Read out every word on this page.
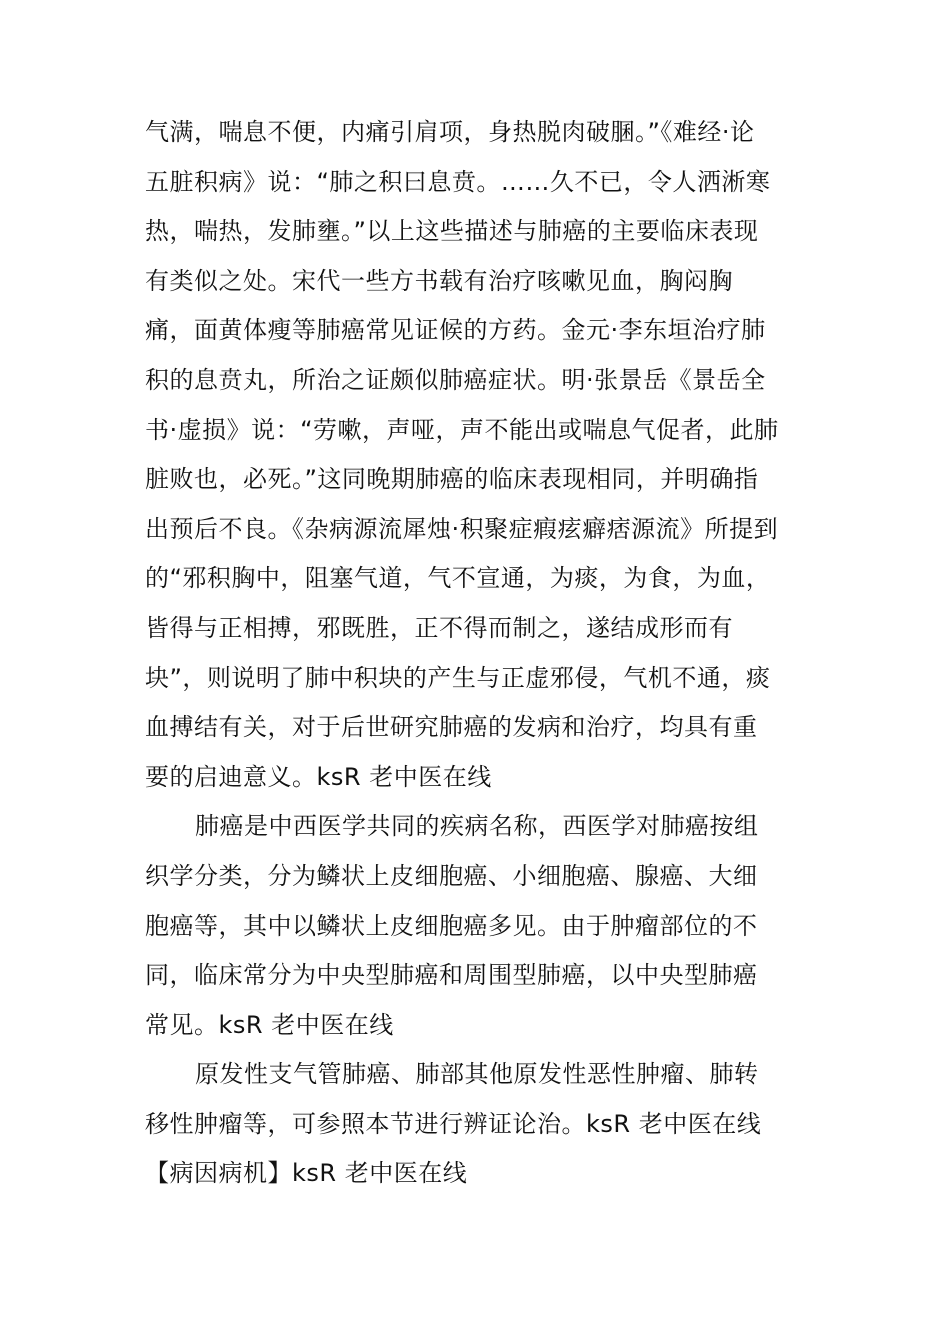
气满，喘息不便，内痛引肩项，身热脱肉破䐃。”《难经·论
五脏积病》说：“肺之积曰息贲。……久不已，令人洒淅寒
热，喘热，发肺壅。”以上这些描述与肺癌的主要临床表现
有类似之处。宋代一些方书载有治疗咳嗽见血，胸闷胸
痛，面黄体瘦等肺癌常见证候的方药。金元·李东垣治疗肺
积的息贲丸，所治之证颇似肺癌症状。明·张景岳《景岳全
书·虚损》说：“劳嗽，声哑，声不能出或喘息气促者，此肺
脏败也，必死。”这同晚期肺癌的临床表现相同，并明确指
出预后不良。《杂病源流犀烛·积聚症瘕痃癖痞源流》所提到
的“邪积胸中，阻塞气道，气不宣通，为痰，为食，为血，
皆得与正相搏，邪既胜，正不得而制之，遂结成形而有
块”，则说明了肺中积块的产生与正虚邪侵，气机不通，痰
血搏结有关，对于后世研究肺癌的发病和治疗，均具有重
要的启迪意义。ksR 老中医在线
肺癌是中西医学共同的疾病名称，西医学对肺癌按组
织学分类，分为鳞状上皮细胞癌、小细胞癌、腺癌、大细
胞癌等，其中以鳞状上皮细胞癌多见。由于肿瘤部位的不
同，临床常分为中央型肺癌和周围型肺癌，以中央型肺癌
常见。ksR 老中医在线
原发性支气管肺癌、肺部其他原发性恶性肿瘤、肺转
移性肿瘤等，可参照本节进行辨证论治。ksR 老中医在线
【病因病机】ksR 老中医在线
